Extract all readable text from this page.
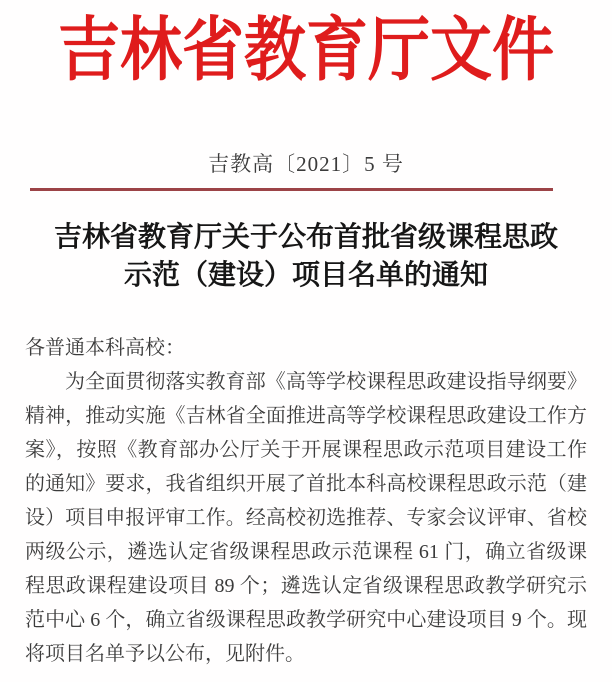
吉林省教育厅文件
吉教高〔2021〕5 号
吉林省教育厅关于公布首批省级课程思政
示范（建设）项目名单的通知
各普通本科高校：
为全面贯彻落实教育部《高等学校课程思政建设指导纲要》
精神，推动实施《吉林省全面推进高等学校课程思政建设工作方
案》，按照《教育部办公厅关于开展课程思政示范项目建设工作
的通知》要求，我省组织开展了首批本科高校课程思政示范（建
设）项目申报评审工作。经高校初选推荐、专家会议评审、省校
两级公示，遴选认定省级课程思政示范课程 61 门，确立省级课
程思政课程建设项目 89 个；遴选认定省级课程思政教学研究示
范中心 6 个，确立省级课程思政教学研究中心建设项目 9 个。现
将项目名单予以公布，见附件。
